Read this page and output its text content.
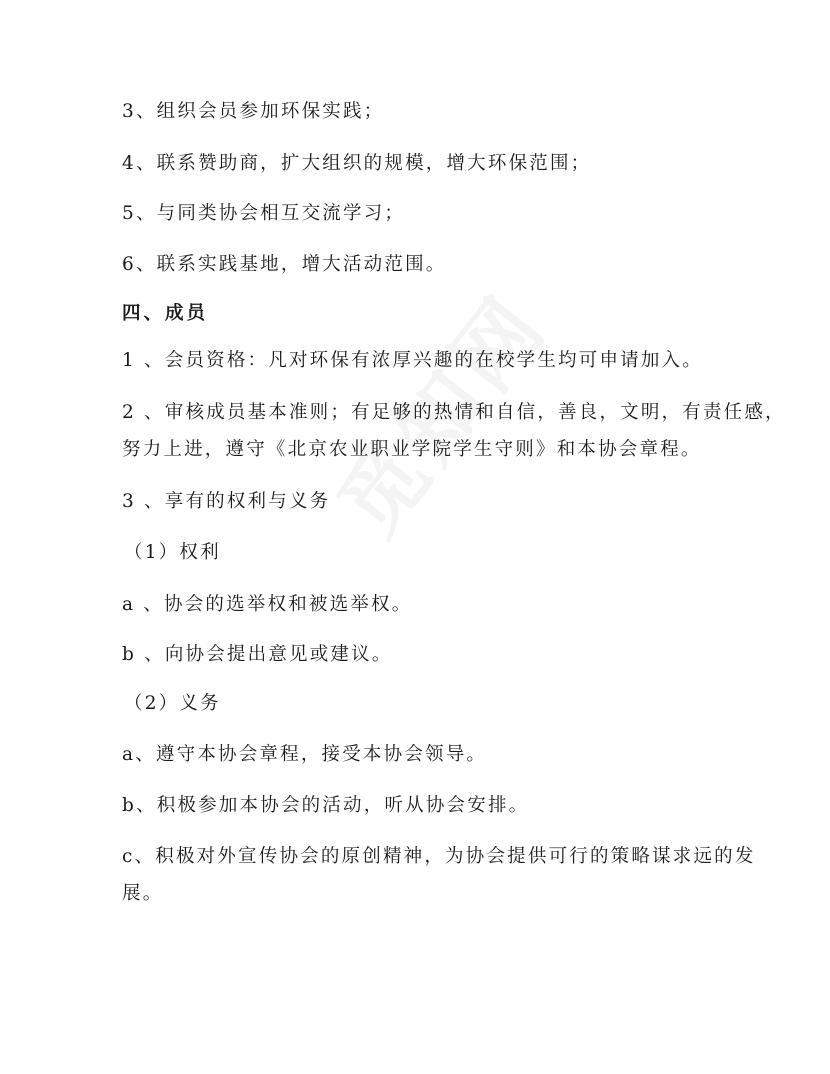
3、组织会员参加环保实践；

4、联系赞助商，扩大组织的规模，增大环保范围；

5、与同类协会相互交流学习；

6、联系实践基地，增大活动范围。

四、成员

1 、会员资格：凡对环保有浓厚兴趣的在校学生均可申请加入。

2 、审核成员基本准则；有足够的热情和自信，善良，文明，有责任感，

努力上进，遵守《北京农业职业学院学生守则》和本协会章程。

3 、享有的权利与义务

（1）权利

a 、协会的选举权和被选举权。

b 、向协会提出意见或建议。

（2）义务

a、遵守本协会章程，接受本协会领导。

b、积极参加本协会的活动，听从协会安排。

c、积极对外宣传协会的原创精神，为协会提供可行的策略谋求远的发

展。
